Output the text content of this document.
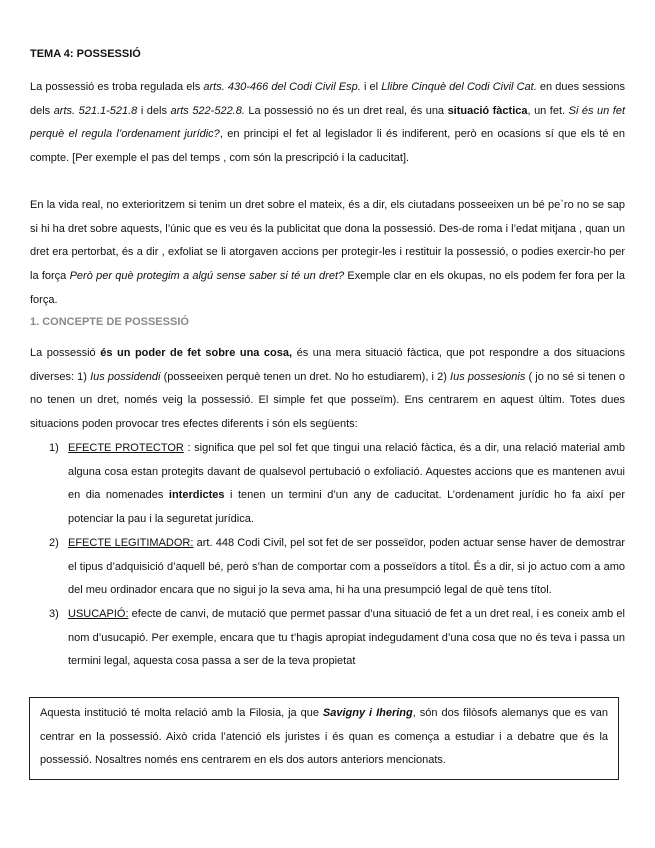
TEMA 4: POSSESSIÓ

La possessió es troba regulada els arts. 430-466 del Codi Civil Esp. i el Llibre Cinquè del Codi Civil Cat. en dues sessions dels arts. 521.1-521.8 i dels arts 522-522.8. La possessió no és un dret real, és una situació fàctica, un fet. Si és un fet perquè el regula l’ordenament jurídic?, en principi el fet al legislador li és indiferent, però en ocasions sí que els té en compte. [Per exemple el pas del temps , com són la prescripció i la caducitat].

En la vida real, no exterioritzem si tenim un dret sobre el mateix, és a dir, els ciutadans posseeixen un bé pe`ro no se sap si hi ha dret sobre aquests, l’únic que es veu és la publicitat que dona la possessió. Des-de roma i l’edat mitjana , quan un dret era pertorbat, és a dir , exfoliat se li atorgaven accions per protegir-les i restituir la possessió, o podies exercir-ho per la força Però per què protegim a algú sense saber si té un dret? Exemple clar en els okupas, no els podem fer fora per la força.

1. CONCEPTE DE POSSESSIÓ

La possessió és un poder de fet sobre una cosa, és una mera situació fàctica, que pot respondre a dos situacions diverses: 1) Ius possidendi (posseeixen perquè tenen un dret. No ho estudiarem), i 2) Ius possesionis ( jo no sé si tenen o no tenen un dret, només veig la possessió. El simple fet que posseïm). Ens centrarem en aquest últim. Totes dues situacions poden provocar tres efectes diferents i són els següents:

1) EFECTE PROTECTOR : significa que pel sol fet que tingui una relació fàctica, és a dir, una relació material amb alguna cosa estan protegits davant de qualsevol pertubació o exfoliació. Aquestes accions que es mantenen avui en dia nomenades interdictes i tenen un termini d’un any de caducitat. L’ordenament jurídic ho fa així per potenciar la pau i la seguretat jurídica.
2) EFECTE LEGITIMADOR: art. 448 Codi Civil, pel sot fet de ser posseïdor, poden actuar sense haver de demostrar el tipus d’adquisició d’aquell bé, però s’han de comportar com a posseïdors a títol. És a dir, si jo actuo com a amo del meu ordinador encara que no sigui jo la seva ama, hi ha una presumpció legal de què tens títol.
3) USUCAPIÓ: efecte de canvi, de mutació que permet passar d’una situació de fet a un dret real, i es coneix amb el nom d’usucapió. Per exemple, encara que tu t’hagis apropiat indegudament d’una cosa que no és teva i passa un termini legal, aquesta cosa passa a ser de la teva propietat

Aquesta institució té molta relació amb la Filosia, ja que Savigny i Ihering, són dos filòsofs alemanys que es van centrar en la possessió. Això crida l’atenció els juristes i és quan es comença a estudiar i a debatre que és la possessió. Nosaltres només ens centrarem en els dos autors anteriors mencionats.
